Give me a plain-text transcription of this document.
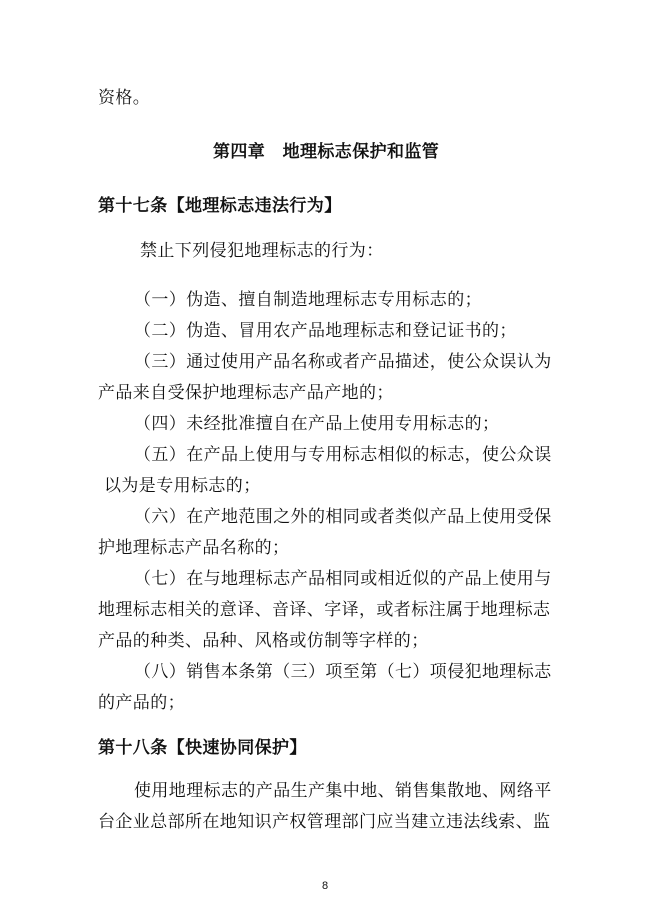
资格。
第四章　地理标志保护和监管
第十七条【地理标志违法行为】
禁止下列侵犯地理标志的行为：
（一）伪造、擅自制造地理标志专用标志的；
（二）伪造、冒用农产品地理标志和登记证书的；
（三）通过使用产品名称或者产品描述，使公众误认为
产品来自受保护地理标志产品产地的；
（四）未经批准擅自在产品上使用专用标志的；
（五）在产品上使用与专用标志相似的标志，使公众误
以为是专用标志的；
（六）在产地范围之外的相同或者类似产品上使用受保
护地理标志产品名称的；
（七）在与地理标志产品相同或相近似的产品上使用与
地理标志相关的意译、音译、字译，或者标注属于地理标志
产品的种类、品种、风格或仿制等字样的；
（八）销售本条第（三）项至第（七）项侵犯地理标志
的产品的；
第十八条【快速协同保护】
使用地理标志的产品生产集中地、销售集散地、网络平
台企业总部所在地知识产权管理部门应当建立违法线索、监
8
